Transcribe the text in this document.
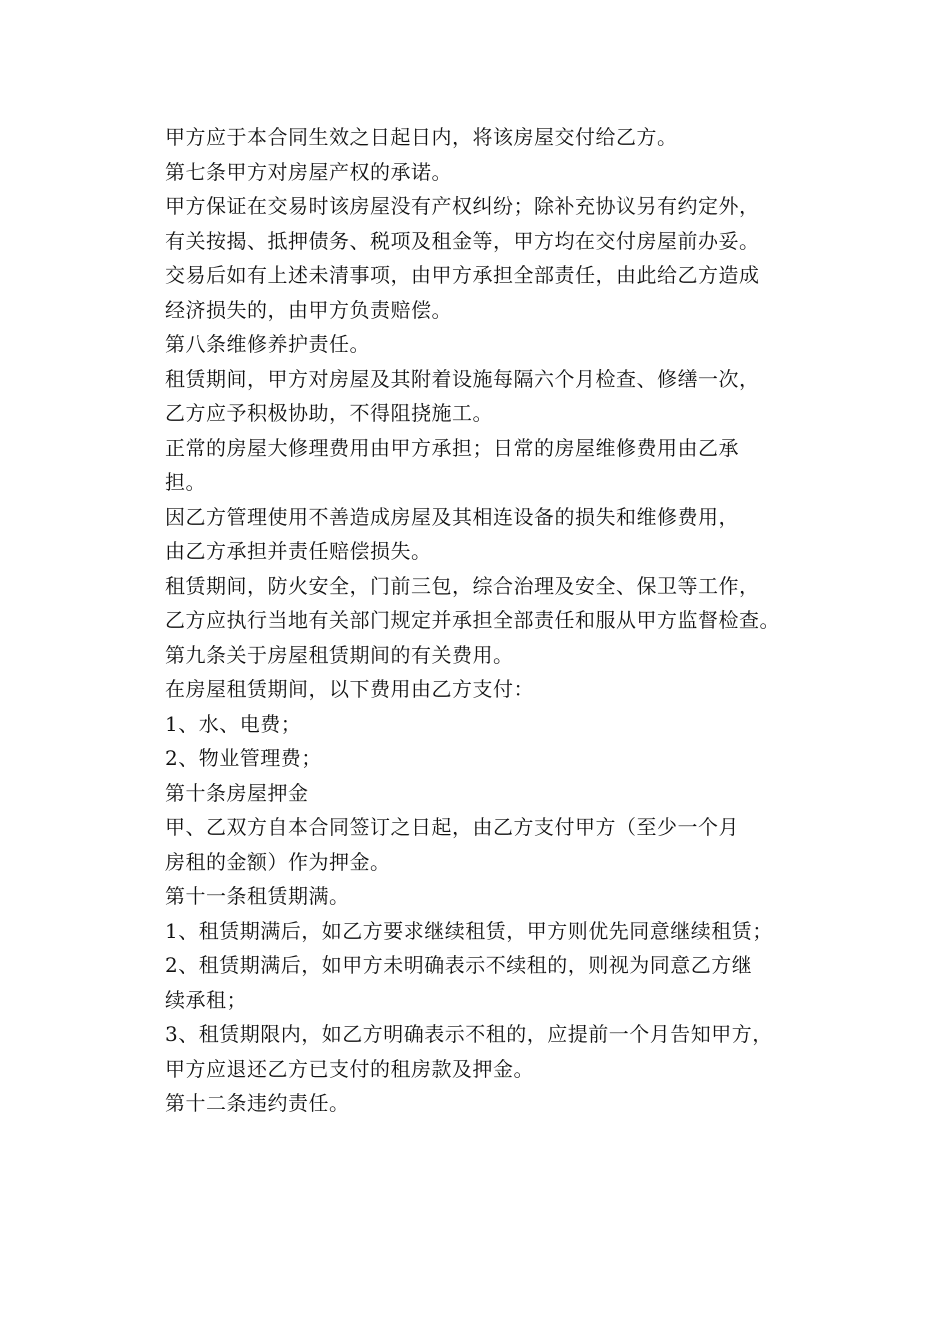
甲方应于本合同生效之日起日内，将该房屋交付给乙方。

第七条甲方对房屋产权的承诺。

甲方保证在交易时该房屋没有产权纠纷；除补充协议另有约定外，
有关按揭、抵押债务、税项及租金等，甲方均在交付房屋前办妥。
交易后如有上述未清事项，由甲方承担全部责任，由此给乙方造成
经济损失的，由甲方负责赔偿。

第八条维修养护责任。

租赁期间，甲方对房屋及其附着设施每隔六个月检查、修缮一次，
乙方应予积极协助，不得阻挠施工。

正常的房屋大修理费用由甲方承担；日常的房屋维修费用由乙承
担。

因乙方管理使用不善造成房屋及其相连设备的损失和维修费用，
由乙方承担并责任赔偿损失。

租赁期间，防火安全，门前三包，综合治理及安全、保卫等工作，
乙方应执行当地有关部门规定并承担全部责任和服从甲方监督检查。

第九条关于房屋租赁期间的有关费用。

在房屋租赁期间，以下费用由乙方支付：

1、水、电费；

2、物业管理费；

第十条房屋押金

甲、乙双方自本合同签订之日起，由乙方支付甲方（至少一个月
房租的金额）作为押金。

第十一条租赁期满。

1、租赁期满后，如乙方要求继续租赁，甲方则优先同意继续租赁；

2、租赁期满后，如甲方未明确表示不续租的，则视为同意乙方继
续承租；

3、租赁期限内，如乙方明确表示不租的，应提前一个月告知甲方，
甲方应退还乙方已支付的租房款及押金。

第十二条违约责任。
